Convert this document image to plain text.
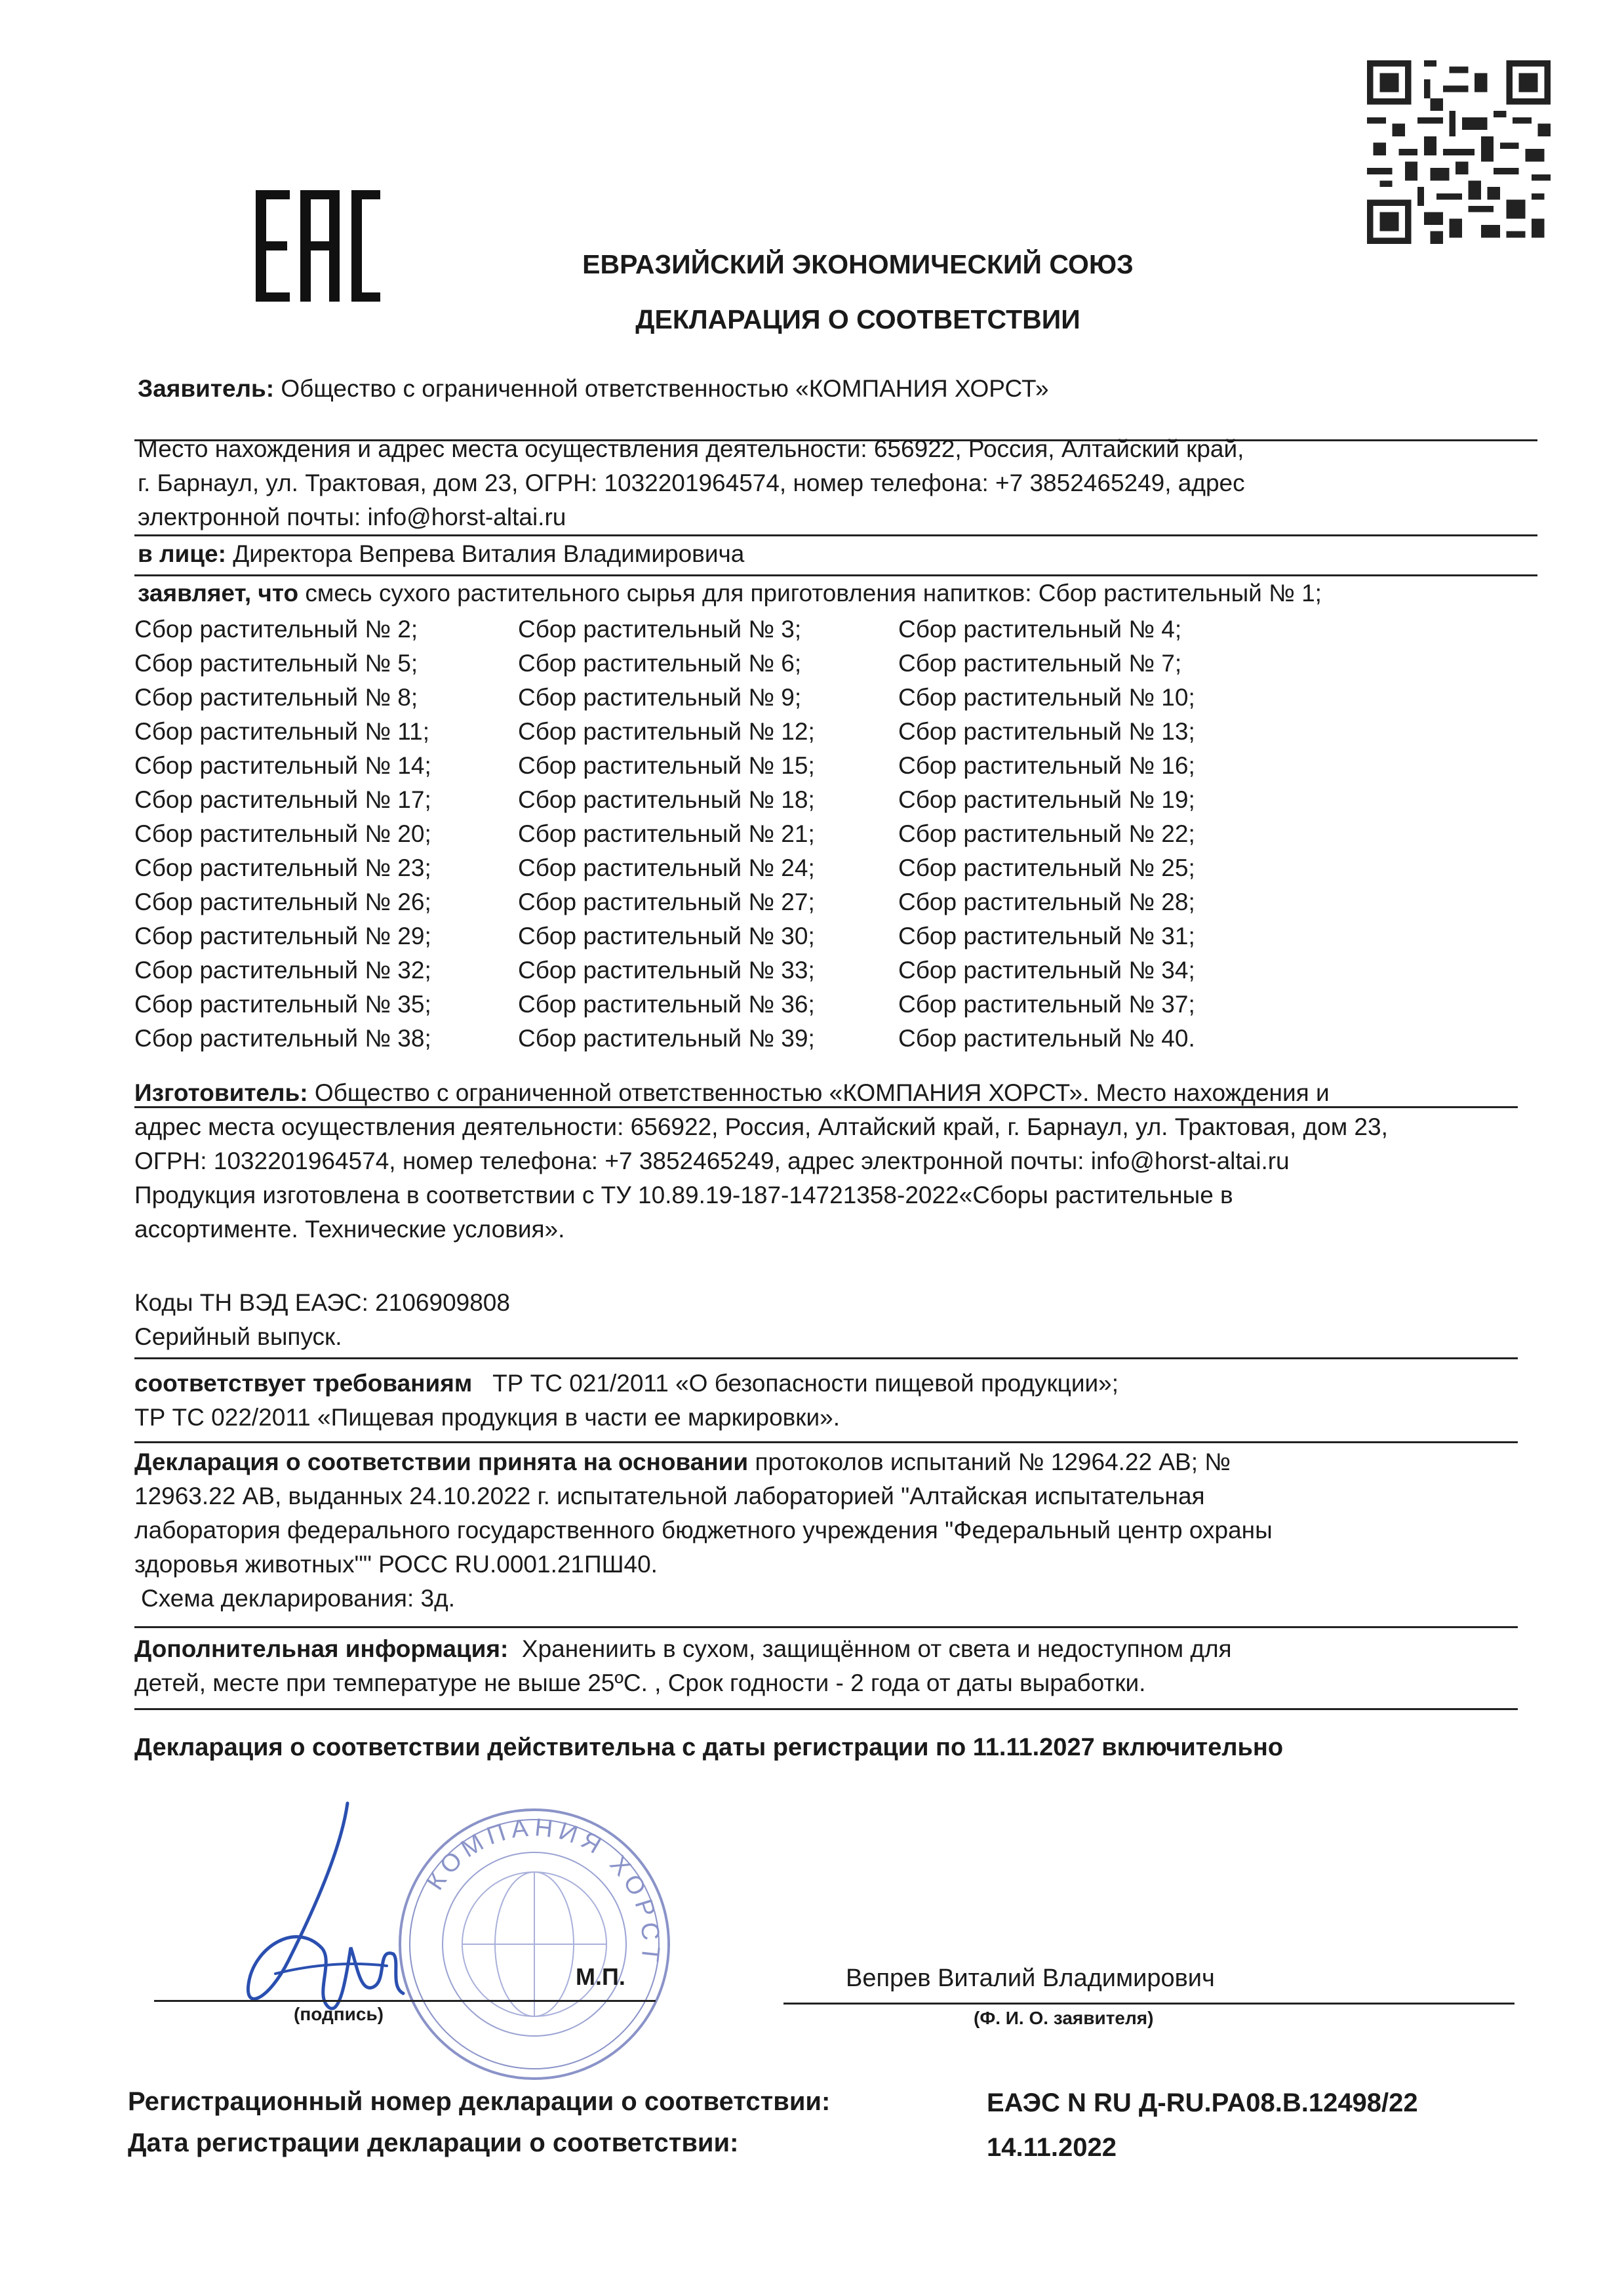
ЕВРАЗИЙСКИЙ ЭКОНОМИЧЕСКИЙ СОЮЗ
ДЕКЛАРАЦИЯ О СООТВЕТСТВИИ
Заявитель: Общество с ограниченной ответственностью «КОМПАНИЯ ХОРСТ»
Место нахождения и адрес места осуществления деятельности: 656922, Россия, Алтайский край,
г. Барнаул, ул. Трактовая, дом 23, ОГРН: 1032201964574, номер телефона: +7 3852465249, адрес
электронной почты: info@horst-altai.ru
в лице: Директора Вепрева Виталия Владимировича
заявляет, что смесь сухого растительного сырья для приготовления напитков: Сбор растительный № 1;
Сбор растительный № 2;	Сбор растительный № 3;	Сбор растительный № 4;
Сбор растительный № 5;	Сбор растительный № 6;	Сбор растительный № 7;
Сбор растительный № 8;	Сбор растительный № 9;	Сбор растительный № 10;
Сбор растительный № 11;	Сбор растительный № 12;	Сбор растительный № 13;
Сбор растительный № 14;	Сбор растительный № 15;	Сбор растительный № 16;
Сбор растительный № 17;	Сбор растительный № 18;	Сбор растительный № 19;
Сбор растительный № 20;	Сбор растительный № 21;	Сбор растительный № 22;
Сбор растительный № 23;	Сбор растительный № 24;	Сбор растительный № 25;
Сбор растительный № 26;	Сбор растительный № 27;	Сбор растительный № 28;
Сбор растительный № 29;	Сбор растительный № 30;	Сбор растительный № 31;
Сбор растительный № 32;	Сбор растительный № 33;	Сбор растительный № 34;
Сбор растительный № 35;	Сбор растительный № 36;	Сбор растительный № 37;
Сбор растительный № 38;	Сбор растительный № 39;	Сбор растительный № 40.
Изготовитель: Общество с ограниченной ответственностью «КОМПАНИЯ ХОРСТ». Место нахождения и
адрес места осуществления деятельности: 656922, Россия, Алтайский край, г. Барнаул, ул. Трактовая, дом 23,
ОГРН: 1032201964574, номер телефона: +7 3852465249, адрес электронной почты: info@horst-altai.ru
Продукция изготовлена в соответствии с ТУ 10.89.19-187-14721358-2022«Сборы растительные в
ассортименте. Технические условия».
Коды ТН ВЭД ЕАЭС: 2106909808
Серийный выпуск.
соответствует требованиям ТР ТС 021/2011 «О безопасности пищевой продукции»;
ТР ТС 022/2011 «Пищевая продукция в части ее маркировки».
Декларация о соответствии принята на основании протоколов испытаний № 12964.22 АВ; №
12963.22 АВ, выданных 24.10.2022 г. испытательной лабораторией "Алтайская испытательная
лаборатория федерального государственного бюджетного учреждения "Федеральный центр охраны
здоровья животных"" РОСС RU.0001.21ПШ40.
Схема декларирования: 3д.
Дополнительная информация: Хранениить в сухом, защищённом от света и недоступном для
детей, месте при температуре не выше 25ºС. , Срок годности - 2 года от даты выработки.
Декларация о соответствии действительна с даты регистрации по 11.11.2027 включительно
КОМПАНИЯ ХОРСТ
М.П.
(подпись)
Вепрев Виталий Владимирович
(Ф. И. О. заявителя)
Регистрационный номер декларации о соответствии:	ЕАЭС N RU Д-RU.PA08.B.12498/22
Дата регистрации декларации о соответствии:	14.11.2022
